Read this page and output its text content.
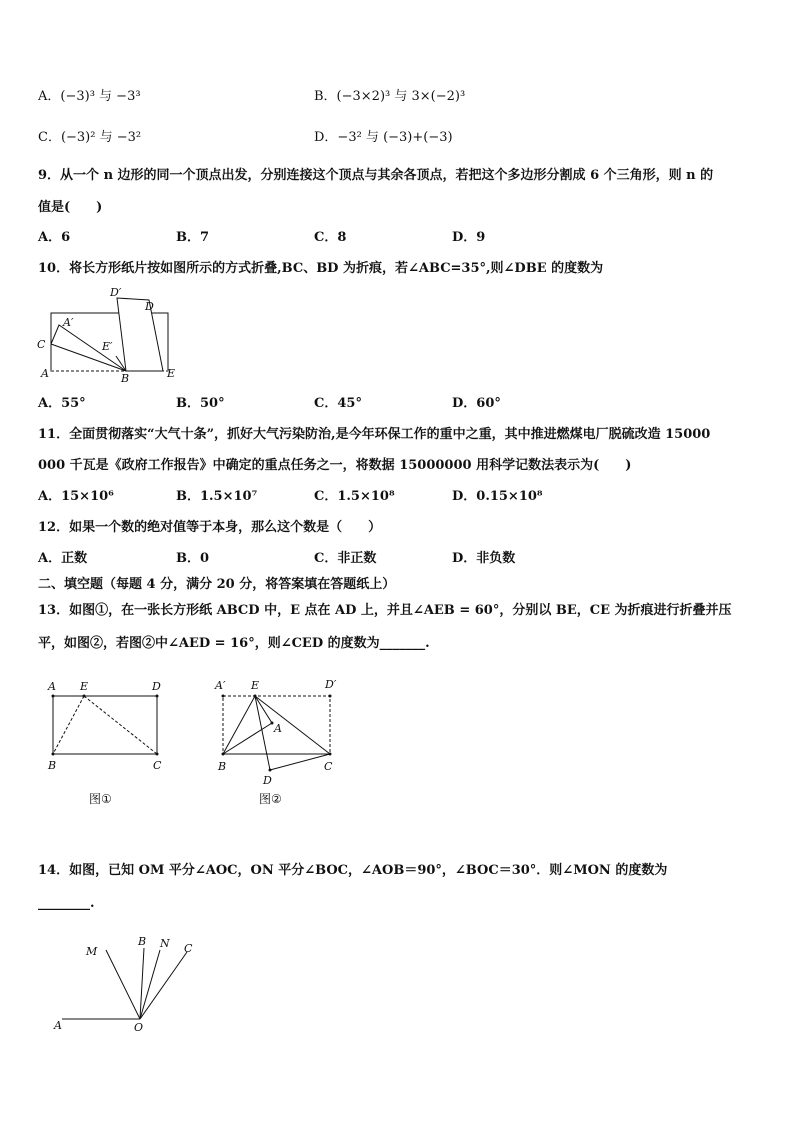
A．(−3)³ 与 −3³	B．(−3×2)³ 与 3×(−2)³
C．(−3)² 与 −3²	D．−3² 与 (−3)+(−3)
9．从一个 n 边形的同一个顶点出发，分别连接这个顶点与其余各顶点，若把这个多边形分割成 6 个三角形，则 n 的
值是(　　)
A．6	B．7	C．8	D．9
10．将长方形纸片按如图所示的方式折叠,BC、BD 为折痕，若∠ABC=35°,则∠DBE 的度数为
D′
D
A′
C	E′
A	B	E
A．55°	B．50°	C．45°	D．60°
11．全面贯彻落实“大气十条”，抓好大气污染防治,是今年环保工作的重中之重，其中推进燃煤电厂脱硫改造 15000
000 千瓦是《政府工作报告》中确定的重点任务之一，将数据 15000000 用科学记数法表示为(　　)
A．15×10⁶	B．1.5×10⁷	C．1.5×10⁸	D．0.15×10⁸
12．如果一个数的绝对值等于本身，那么这个数是（　　）
A．正数	B．0	C．非正数	D．非负数
二、填空题（每题 4 分，满分 20 分，将答案填在答题纸上）
13．如图①，在一张长方形纸 ABCD 中，E 点在 AD 上，并且∠AEB = 60°，分别以 BE，CE 为折痕进行折叠并压
平，如图②，若图②中∠AED = 16°，则∠CED 的度数为_______.
A E	D
B	C
图①
A′ E	D′
A
B
D
C
图②
14．如图，已知 OM 平分∠AOC，ON 平分∠BOC，∠AOB＝90°，∠BOC＝30°．则∠MON 的度数为
________.
M
B N C
A	O
